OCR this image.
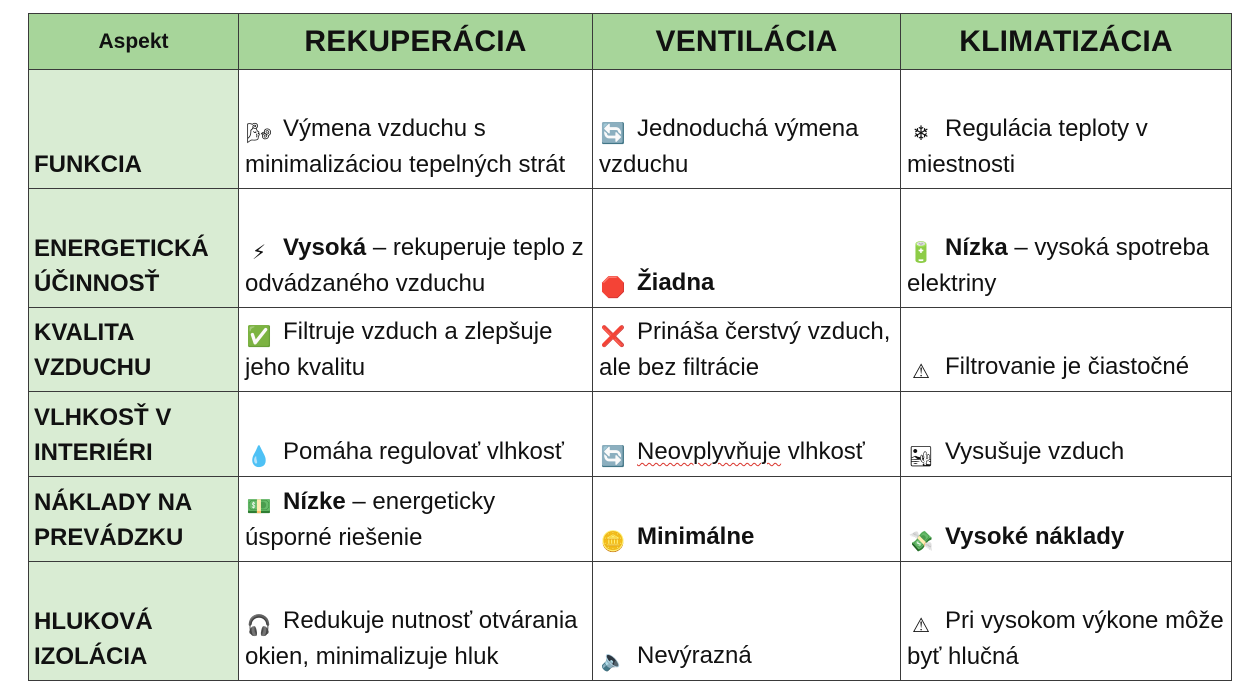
Aspekt	REKUPERÁCIA	VENTILÁCIA	KLIMATIZÁCIA
FUNKCIA	🌬 Výmena vzduchu s minimalizáciou tepelných strát	🔄 Jednoduchá výmena vzduchu	❄ Regulácia teploty v miestnosti
ENERGETICKÁ ÚČINNOSŤ	⚡ Vysoká – rekuperuje teplo z odvádzaného vzduchu	🛑 Žiadna	🔋 Nízka – vysoká spotreba elektriny
KVALITA VZDUCHU	✅ Filtruje vzduch a zlepšuje jeho kvalitu	❌ Prináša čerstvý vzduch, ale bez filtrácie	⚠ Filtrovanie je čiastočné
VLHKOSŤ V INTERIÉRI	💧 Pomáha regulovať vlhkosť	🔄 Neovplyvňuje vlhkosť	🏜 Vysušuje vzduch
NÁKLADY NA PREVÁDZKU	💵 Nízke – energeticky úsporné riešenie	🪙 Minimálne	💸 Vysoké náklady
HLUKOVÁ IZOLÁCIA	🎧 Redukuje nutnosť otvárania okien, minimalizuje hluk	🔈 Nevýrazná	⚠ Pri vysokom výkone môže byť hlučná
